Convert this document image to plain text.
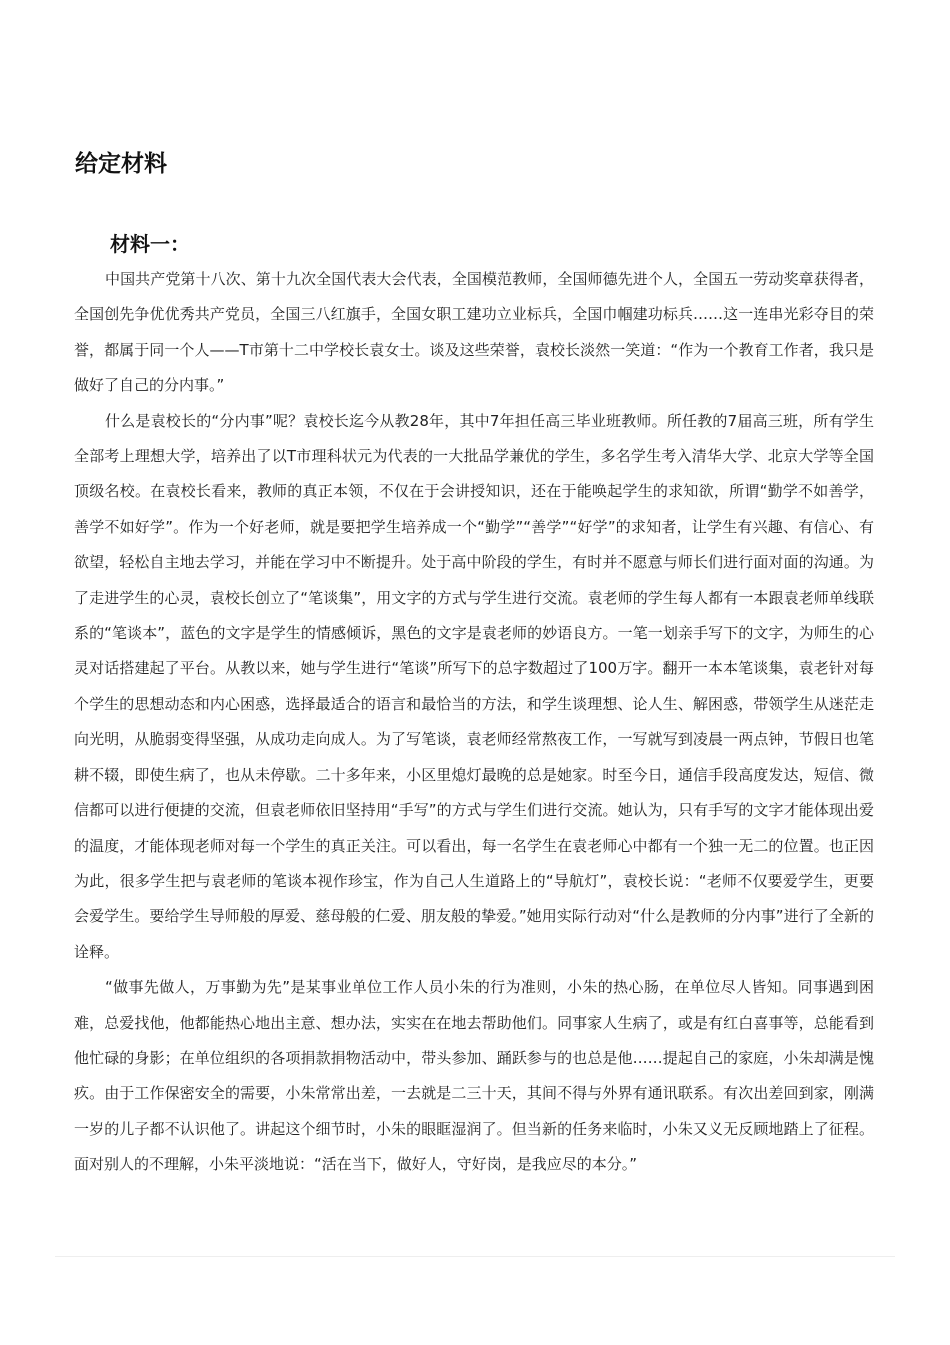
给定材料
材料一：

中国共产党第十八次、第十九次全国代表大会代表，全国模范教师，全国师德先进个人，全国五一劳动奖章获得者，全国创先争优优秀共产党员，全国三八红旗手，全国女职工建功立业标兵，全国巾帼建功标兵……这一连串光彩夺目的荣誉，都属于同一个人——T市第十二中学校长袁女士。谈及这些荣誉，袁校长淡然一笑道：“作为一个教育工作者，我只是做好了自己的分内事。”

什么是袁校长的“分内事”呢？袁校长迄今从教28年，其中7年担任高三毕业班教师。所任教的7届高三班，所有学生全部考上理想大学，培养出了以T市理科状元为代表的一大批品学兼优的学生，多名学生考入清华大学、北京大学等全国顶级名校。在袁校长看来，教师的真正本领，不仅在于会讲授知识，还在于能唤起学生的求知欲，所谓“勤学不如善学，善学不如好学”。作为一个好老师，就是要把学生培养成一个“勤学”“善学”“好学”的求知者，让学生有兴趣、有信心、有欲望，轻松自主地去学习，并能在学习中不断提升。处于高中阶段的学生，有时并不愿意与师长们进行面对面的沟通。为了走进学生的心灵，袁校长创立了“笔谈集”，用文字的方式与学生进行交流。袁老师的学生每人都有一本跟袁老师单线联系的“笔谈本”，蓝色的文字是学生的情感倾诉，黑色的文字是袁老师的妙语良方。一笔一划亲手写下的文字，为师生的心灵对话搭建起了平台。从教以来，她与学生进行“笔谈”所写下的总字数超过了100万字。翻开一本本笔谈集，袁老针对每个学生的思想动态和内心困惑，选择最适合的语言和最恰当的方法，和学生谈理想、论人生、解困惑，带领学生从迷茫走向光明，从脆弱变得坚强，从成功走向成人。为了写笔谈，袁老师经常熬夜工作，一写就写到凌晨一两点钟，节假日也笔耕不辍，即使生病了，也从未停歇。二十多年来，小区里熄灯最晚的总是她家。时至今日，通信手段高度发达，短信、微信都可以进行便捷的交流，但袁老师依旧坚持用“手写”的方式与学生们进行交流。她认为，只有手写的文字才能体现出爱的温度，才能体现老师对每一个学生的真正关注。可以看出，每一名学生在袁老师心中都有一个独一无二的位置。也正因为此，很多学生把与袁老师的笔谈本视作珍宝，作为自己人生道路上的“导航灯”，袁校长说：“老师不仅要爱学生，更要会爱学生。要给学生导师般的厚爱、慈母般的仁爱、朋友般的挚爱。”她用实际行动对“什么是教师的分内事”进行了全新的诠释。

“做事先做人，万事勤为先”是某事业单位工作人员小朱的行为准则，小朱的热心肠，在单位尽人皆知。同事遇到困难，总爱找他，他都能热心地出主意、想办法，实实在在地去帮助他们。同事家人生病了，或是有红白喜事等，总能看到他忙碌的身影；在单位组织的各项捐款捐物活动中，带头参加、踊跃参与的也总是他……提起自己的家庭，小朱却满是愧疚。由于工作保密安全的需要，小朱常常出差，一去就是二三十天，其间不得与外界有通讯联系。有次出差回到家，刚满一岁的儿子都不认识他了。讲起这个细节时，小朱的眼眶湿润了。但当新的任务来临时，小朱又义无反顾地踏上了征程。面对别人的不理解，小朱平淡地说：“活在当下，做好人，守好岗，是我应尽的本分。”
